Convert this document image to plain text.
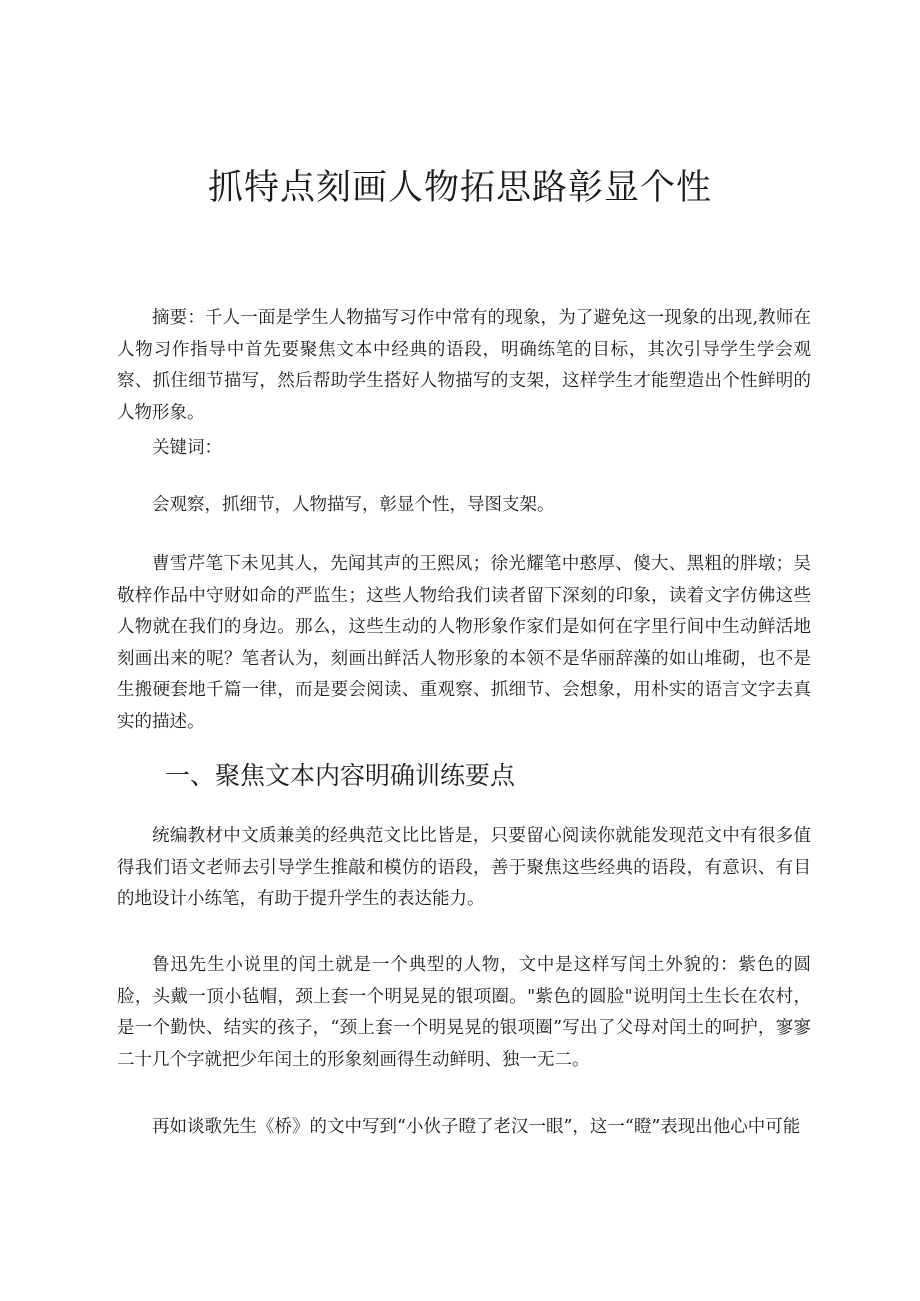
抓特点刻画人物拓思路彰显个性

摘要：千人一面是学生人物描写习作中常有的现象，为了避免这一现象的出现,教师在人物习作指导中首先要聚焦文本中经典的语段，明确练笔的目标，其次引导学生学会观察、抓住细节描写，然后帮助学生搭好人物描写的支架，这样学生才能塑造出个性鲜明的人物形象。

关键词：

会观察，抓细节，人物描写，彰显个性，导图支架。

曹雪芹笔下未见其人，先闻其声的王熙凤；徐光耀笔中憨厚、傻大、黑粗的胖墩；吴敬梓作品中守财如命的严监生；这些人物给我们读者留下深刻的印象，读着文字仿佛这些人物就在我们的身边。那么，这些生动的人物形象作家们是如何在字里行间中生动鲜活地刻画出来的呢？笔者认为，刻画出鲜活人物形象的本领不是华丽辞藻的如山堆砌，也不是生搬硬套地千篇一律，而是要会阅读、重观察、抓细节、会想象，用朴实的语言文字去真实的描述。

一、聚焦文本内容明确训练要点

统编教材中文质兼美的经典范文比比皆是，只要留心阅读你就能发现范文中有很多值得我们语文老师去引导学生推敲和模仿的语段，善于聚焦这些经典的语段，有意识、有目的地设计小练笔，有助于提升学生的表达能力。

鲁迅先生小说里的闰土就是一个典型的人物，文中是这样写闰土外貌的：紫色的圆脸，头戴一顶小毡帽，颈上套一个明晃晃的银项圈。"紫色的圆脸"说明闰土生长在农村，是一个勤快、结实的孩子，“颈上套一个明晃晃的银项圈”写出了父母对闰土的呵护，寥寥二十几个字就把少年闰土的形象刻画得生动鲜明、独一无二。

再如谈歌先生《桥》的文中写到“小伙子瞪了老汉一眼”，这一“瞪”表现出他心中可能
